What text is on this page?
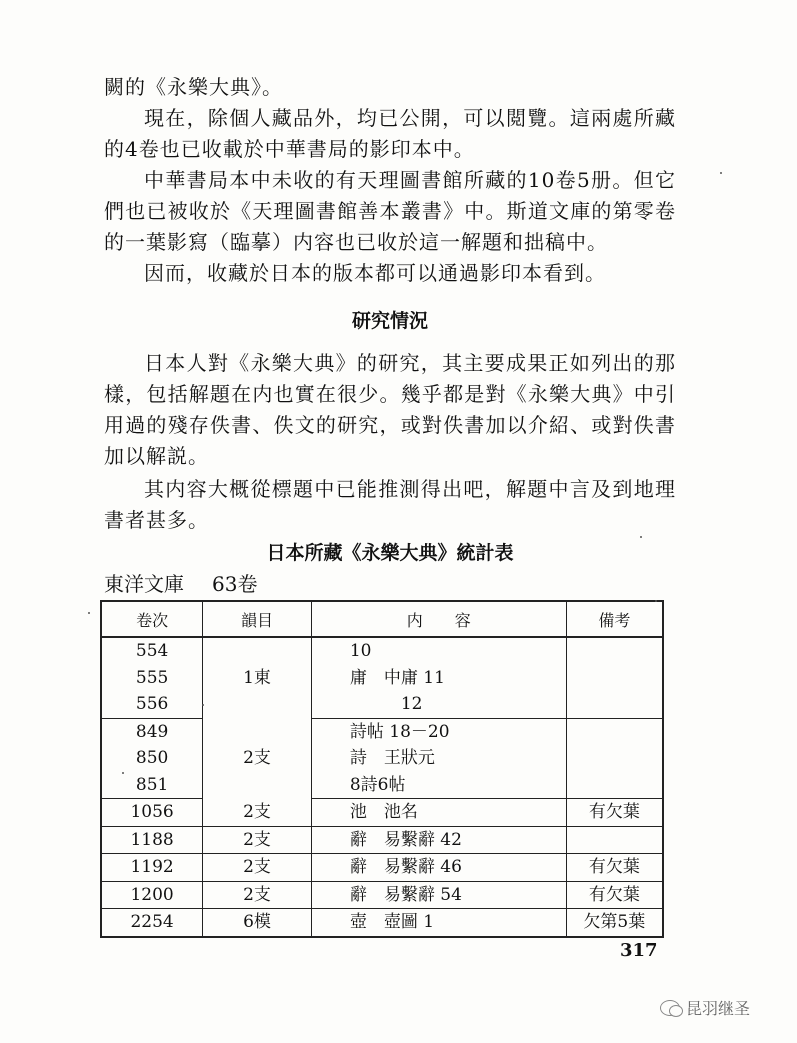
闕的《永樂大典》。

現在，除個人藏品外，均已公開，可以閲覽。這兩處所藏的4卷也已收載於中華書局的影印本中。

中華書局本中未收的有天理圖書館所藏的10卷5册。但它們也已被收於《天理圖書館善本叢書》中。斯道文庫的第零卷的一葉影寫（臨摹）内容也已收於這一解題和拙稿中。

因而，收藏於日本的版本都可以通過影印本看到。

研究情況

日本人對《永樂大典》的研究，其主要成果正如列出的那樣，包括解題在内也實在很少。幾乎都是對《永樂大典》中引用過的殘存佚書、佚文的研究，或對佚書加以介紹、或對佚書加以解説。

其内容大概從標題中已能推測得出吧，解題中言及到地理書者甚多。

日本所藏《永樂大典》統計表

東洋文庫 63卷

卷次	韻目	内　　容	備考
554	1東	10	
555		庸　中庸 11	
556		　　　12	
849	2支	詩帖 18－20	
850		詩　王狀元	
851		8詩6帖	
1056	2支	池　池名	有欠葉
1188	2支	辭　易繫辭 42	
1192	2支	辭　易繫辭 46	有欠葉
1200	2支	辭　易繫辭 54	有欠葉
2254	6模	壺　壺圖 1	欠第5葉

317

昆羽继圣
